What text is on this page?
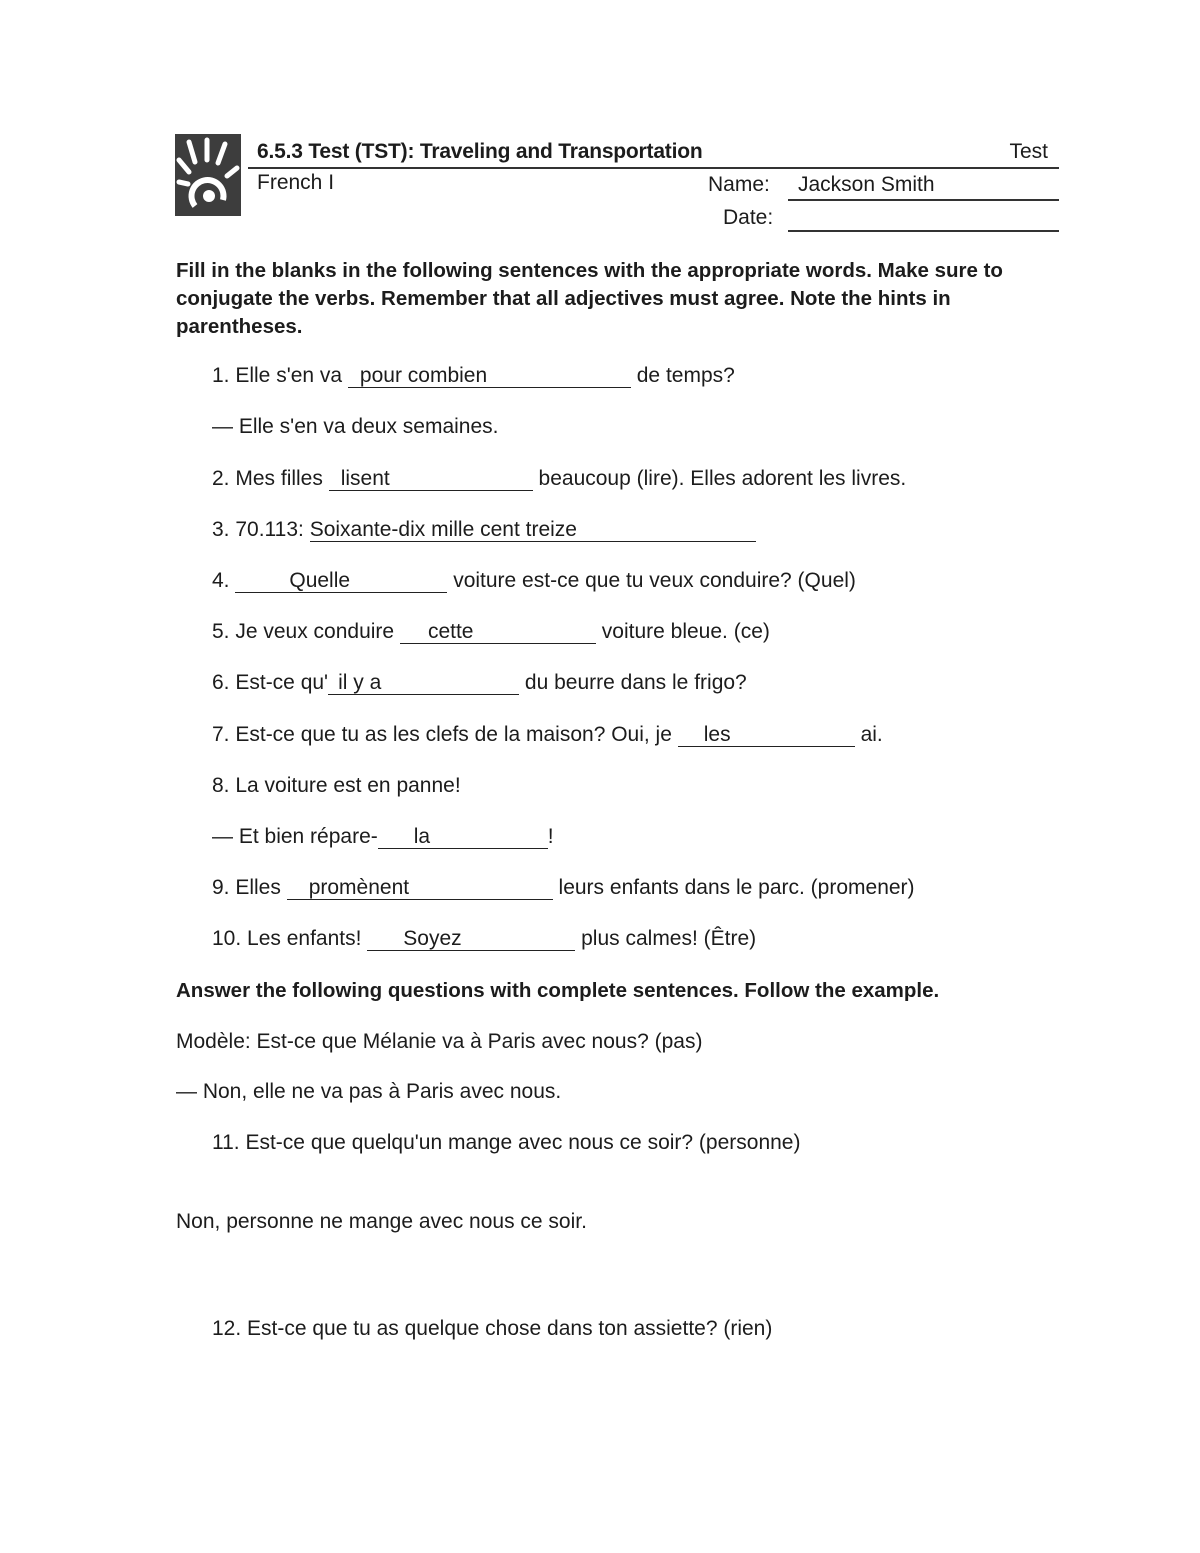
6.5.3 Test (TST): Traveling and Transportation	Test
French I	Name: Jackson Smith
Date:
Fill in the blanks in the following sentences with the appropriate words. Make sure to conjugate the verbs. Remember that all adjectives must agree. Note the hints in parentheses.
1. Elle s'en va pour combien	de temps?
— Elle s'en va deux semaines.
2. Mes filles lisent	beaucoup (lire). Elles adorent les livres.
3. 70.113: Soixante-dix mille cent treize
4.	Quelle	voiture est-ce que tu veux conduire? (Quel)
5. Je veux conduire cette	voiture bleue. (ce)
6. Est-ce qu' il y a	du beurre dans le frigo?
7. Est-ce que tu as les clefs de la maison? Oui, je les	ai.
8. La voiture est en panne!
— Et bien répare- la	!
9. Elles promènent	leurs enfants dans le parc. (promener)
10. Les enfants! Soyez	plus calmes! (Être)
Answer the following questions with complete sentences. Follow the example.
Modèle: Est-ce que Mélanie va à Paris avec nous? (pas)
— Non, elle ne va pas à Paris avec nous.
11. Est-ce que quelqu'un mange avec nous ce soir? (personne)
Non, personne ne mange avec nous ce soir.
12. Est-ce que tu as quelque chose dans ton assiette? (rien)
